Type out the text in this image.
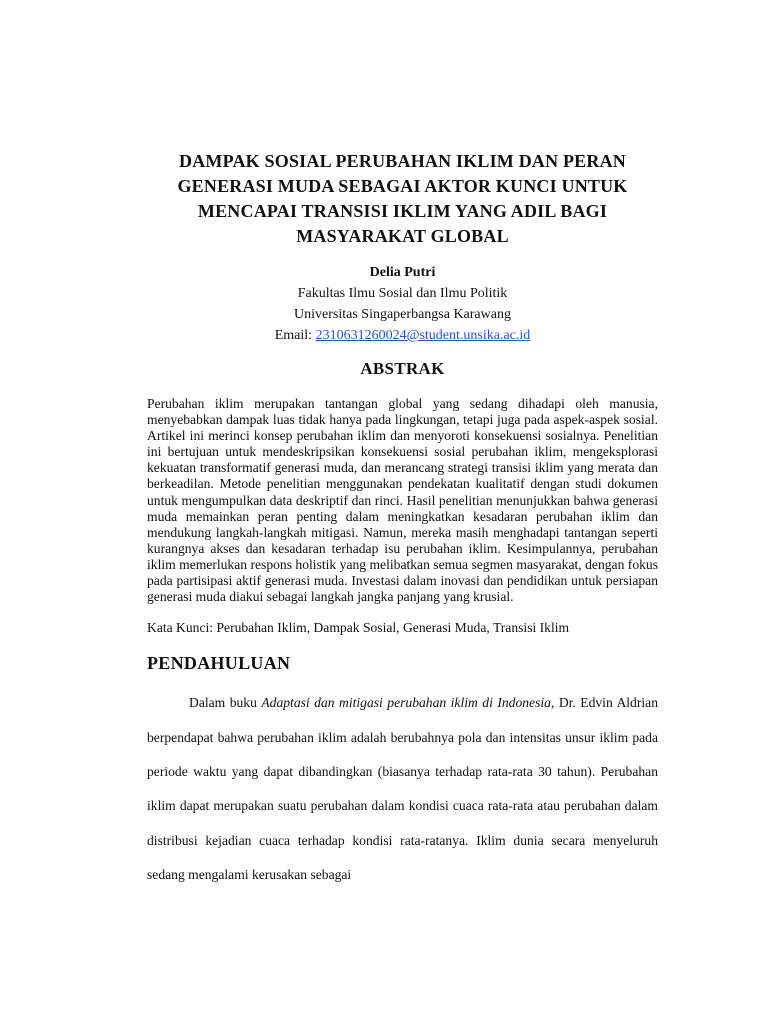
DAMPAK SOSIAL PERUBAHAN IKLIM DAN PERAN
GENERASI MUDA SEBAGAI AKTOR KUNCI UNTUK
MENCAPAI TRANSISI IKLIM YANG ADIL BAGI
MASYARAKAT GLOBAL

Delia Putri

Fakultas Ilmu Sosial dan Ilmu Politik

Universitas Singaperbangsa Karawang

Email: 2310631260024@student.unsika.ac.id

ABSTRAK

Perubahan iklim merupakan tantangan global yang sedang dihadapi oleh manusia, menyebabkan dampak luas tidak hanya pada lingkungan, tetapi juga pada aspek-aspek sosial. Artikel ini merinci konsep perubahan iklim dan menyoroti konsekuensi sosialnya. Penelitian ini bertujuan untuk mendeskripsikan konsekuensi sosial perubahan iklim, mengeksplorasi kekuatan transformatif generasi muda, dan merancang strategi transisi iklim yang merata dan berkeadilan. Metode penelitian menggunakan pendekatan kualitatif dengan studi dokumen untuk mengumpulkan data deskriptif dan rinci. Hasil penelitian menunjukkan bahwa generasi muda memainkan peran penting dalam meningkatkan kesadaran perubahan iklim dan mendukung langkah-langkah mitigasi. Namun, mereka masih menghadapi tantangan seperti kurangnya akses dan kesadaran terhadap isu perubahan iklim. Kesimpulannya, perubahan iklim memerlukan respons holistik yang melibatkan semua segmen masyarakat, dengan fokus pada partisipasi aktif generasi muda. Investasi dalam inovasi dan pendidikan untuk persiapan generasi muda diakui sebagai langkah jangka panjang yang krusial.

Kata Kunci: Perubahan Iklim, Dampak Sosial, Generasi Muda, Transisi Iklim

PENDAHULUAN

Dalam buku Adaptasi dan mitigasi perubahan iklim di Indonesia, Dr. Edvin Aldrian berpendapat bahwa perubahan iklim adalah berubahnya pola dan intensitas unsur iklim pada periode waktu yang dapat dibandingkan (biasanya terhadap rata-rata 30 tahun). Perubahan iklim dapat merupakan suatu perubahan dalam kondisi cuaca rata-rata atau perubahan dalam distribusi kejadian cuaca terhadap kondisi rata-ratanya. Iklim dunia secara menyeluruh sedang mengalami kerusakan sebagai
